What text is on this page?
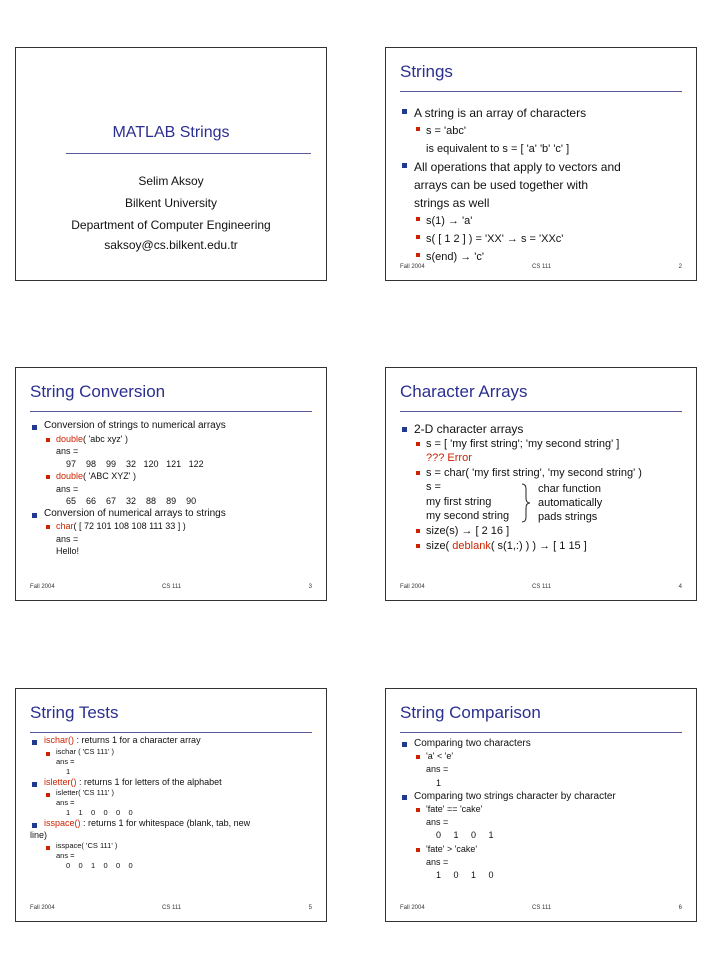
MATLAB Strings
Selim Aksoy
Bilkent University
Department of Computer Engineering
saksoy@cs.bilkent.edu.tr
Strings
A string is an array of characters
s = 'abc'
is equivalent to s = [ 'a' 'b' 'c' ]
All operations that apply to vectors and
arrays can be used together with
strings as well
s(1) → 'a'
s( [ 1 2 ] ) = 'XX' → s = 'XXc'
s(end) → 'c'
Fall 2004	CS 111	2
String Conversion
Conversion of strings to numerical arrays
double( 'abc xyz' )
ans =
97    98    99    32   120   121   122
double( 'ABC XYZ' )
ans =
65    66    67    32    88    89    90
Conversion of numerical arrays to strings
char( [ 72 101 108 108 111 33 ] )
ans =
Hello!
Fall 2004	CS 111	3
Character Arrays
2-D character arrays
s = [ 'my first string'; 'my second string' ]
??? Error
s = char( 'my first string', 'my second string' )
s =
my first string
my second string
char function
automatically
pads strings
size(s) → [ 2 16 ]
size( deblank( s(1,:) ) ) → [ 1 15 ]
Fall 2004	CS 111	4
String Tests
ischar() : returns 1 for a character array
ischar ( 'CS 111' )
ans =
1
isletter() : returns 1 for letters of the alphabet
isletter( 'CS 111' )
ans =
1    1    0    0    0    0
isspace() : returns 1 for whitespace (blank, tab, new
line)
isspace( 'CS 111' )
ans =
0    0    1    0    0    0
Fall 2004	CS 111	5
String Comparison
Comparing two characters
'a' < 'e'
ans =
1
Comparing two strings character by character
'fate' == 'cake'
ans =
0     1     0     1
'fate' > 'cake'
ans =
1     0     1     0
Fall 2004	CS 111	6
